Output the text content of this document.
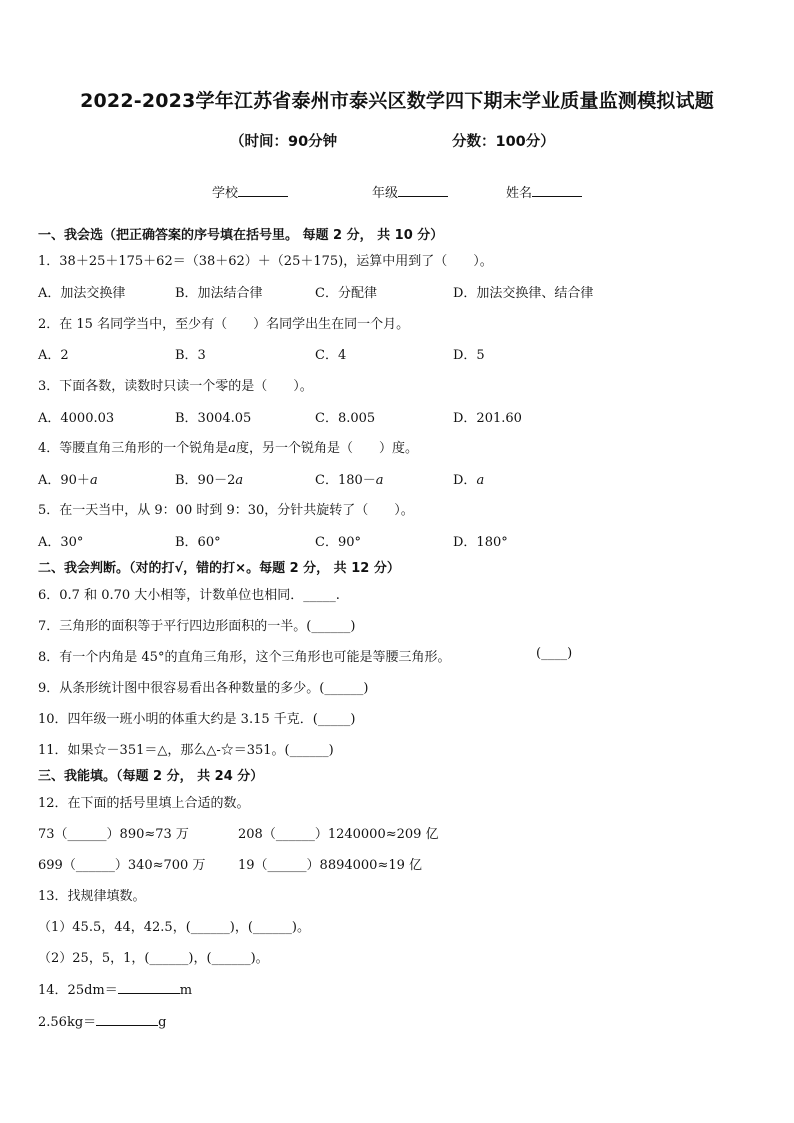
2022-2023学年江苏省泰州市泰兴区数学四下期末学业质量监测模拟试题
（时间：90分钟	分数：100分）
学校	年级	姓名
一、我会选（把正确答案的序号填在括号里。 每题 2 分， 共 10 分）
1．38＋25＋175＋62＝（38＋62）＋（25＋175)，运算中用到了（　　）。
A．加法交换律	B．加法结合律	C．分配律	D．加法交换律、结合律
2．在 15 名同学当中，至少有（　　）名同学出生在同一个月。
A．2	B．3	C．4	D．5
3．下面各数，读数时只读一个零的是（　　）。
A．4000.03	B．3004.05	C．8.005	D．201.60
4．等腰直角三角形的一个锐角是a度，另一个锐角是（　　）度。
A．90＋a	B．90－2a	C．180－a	D．a
5．在一天当中，从 9：00 时到 9：30，分针共旋转了（　　）。
A．30°	B．60°	C．90°	D．180°
二、我会判断。（对的打√，错的打×。每题 2 分， 共 12 分）
6．0.7 和 0.70 大小相等，计数单位也相同．_____.
7．三角形的面积等于平行四边形面积的一半。(______)
8．有一个内角是 45°的直角三角形，这个三角形也可能是等腰三角形。	(____)
9．从条形统计图中很容易看出各种数量的多少。(______)
10．四年级一班小明的体重大约是 3.15 千克．(_____)
11．如果☆－351＝△，那么△-☆＝351。(______)
三、我能填。（每题 2 分， 共 24 分）
12．在下面的括号里填上合适的数。
73（______）890≈73 万	208（______）1240000≈209 亿
699（______）340≈700 万	19（______）8894000≈19 亿
13．找规律填数。
（1）45.5，44，42.5，(______)，(______)。
（2）25，5，1，(______)，(______)。
14．25dm＝	m
2.56kg＝	g
